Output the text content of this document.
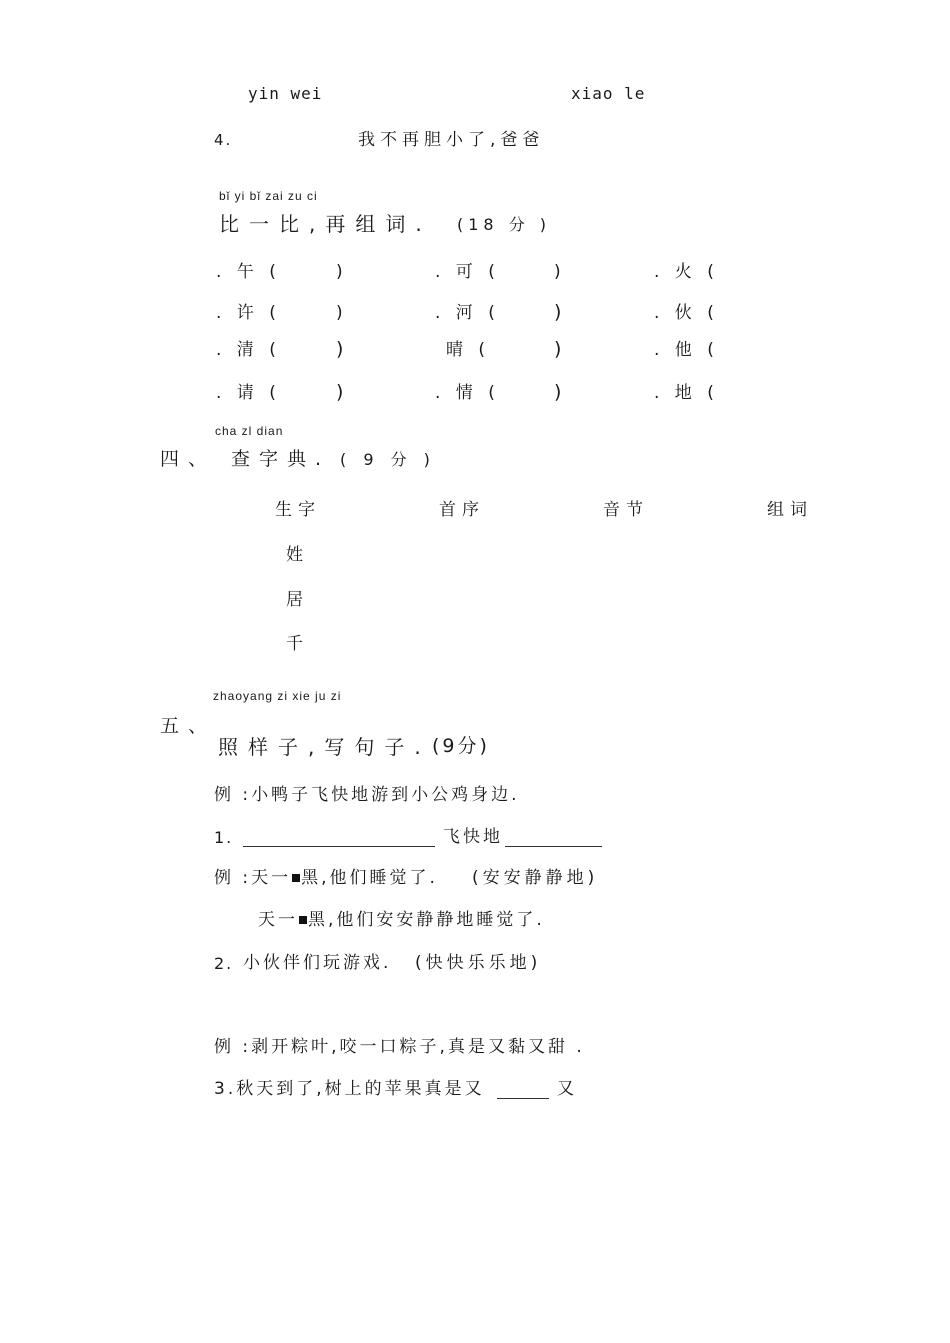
yin wei	xiao le
4.	我不再胆小了,爸爸
bǐ yi bǐ zai zu ci
比一比,再组词. (18 分 )
. 午 (	)	. 可 (	)	. 火 (
. 许 (	)	. 河 (	)	. 伙 (
. 清 (	)	晴 (	)	. 他 (
. 请 (	)	. 情 (	)	. 地 (
cha zl dian
四、 查字典. ( 9 分 )
生字	首序	音节	组词
姓
居
千
zhaoyang zi xie ju zi
五、
照样子,写句子. (9分)
例 :小鸭子飞快地游到小公鸡身边.
1.	飞快地
例 :天一 黑,他们睡觉了. (安安静静地)
天一 黑,他们安安静静地睡觉了.
2. 小伙伴们玩游戏. (快快乐乐地)
例 :剥开粽叶,咬一口粽子,真是又黏又甜 .
3.秋天到了,树上的苹果真是又	又
